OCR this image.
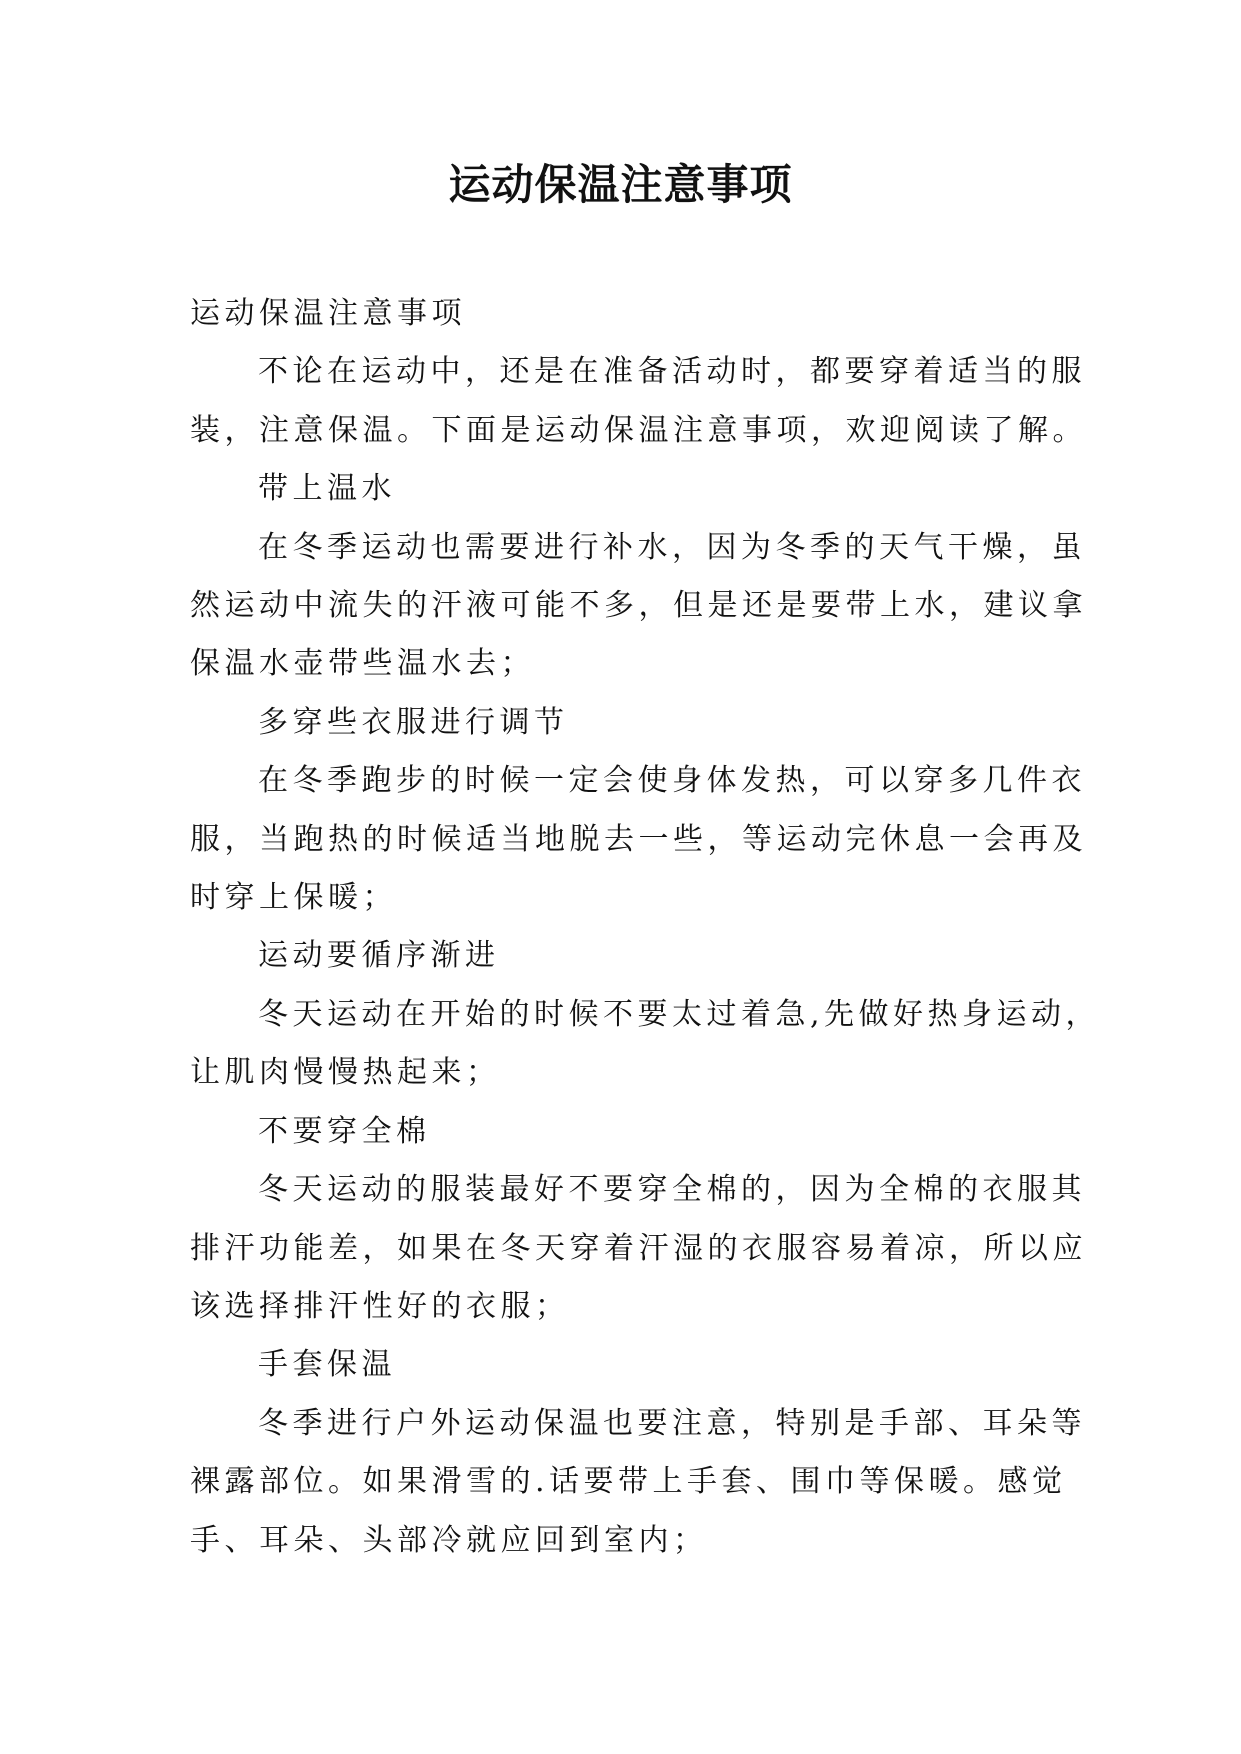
运动保温注意事项

运动保温注意事项

不论在运动中，还是在准备活动时，都要穿着适当的服

装，注意保温。下面是运动保温注意事项，欢迎阅读了解。

带上温水

在冬季运动也需要进行补水，因为冬季的天气干燥，虽

然运动中流失的汗液可能不多，但是还是要带上水，建议拿

保温水壶带些温水去；

多穿些衣服进行调节

在冬季跑步的时候一定会使身体发热，可以穿多几件衣

服，当跑热的时候适当地脱去一些，等运动完休息一会再及

时穿上保暖；

运动要循序渐进

冬天运动在开始的时候不要太过着急,先做好热身运动，

让肌肉慢慢热起来；

不要穿全棉

冬天运动的服装最好不要穿全棉的，因为全棉的衣服其

排汗功能差，如果在冬天穿着汗湿的衣服容易着凉，所以应

该选择排汗性好的衣服；

手套保温

冬季进行户外运动保温也要注意，特别是手部、耳朵等

裸露部位。如果滑雪的.话要带上手套、围巾等保暖。感觉

手、耳朵、头部冷就应回到室内；
